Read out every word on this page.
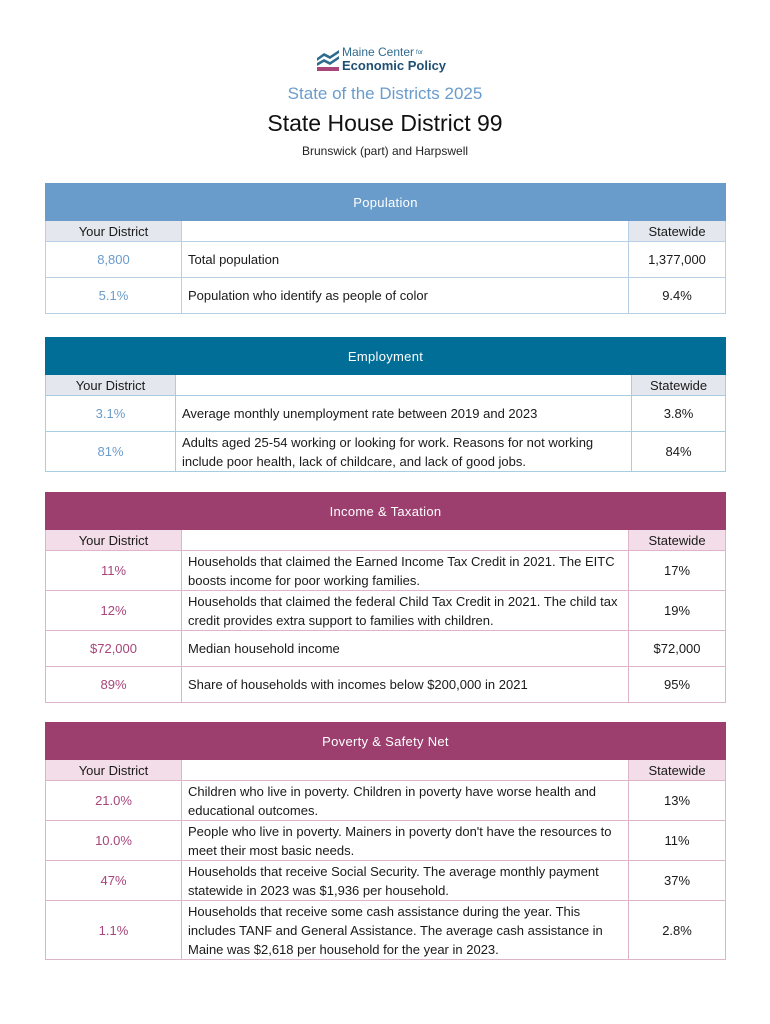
Maine Center for
Economic Policy
State of the Districts 2025
State House District 99
Brunswick (part) and Harpswell
Population		
Your District		Statewide
8,800	Total population	1,377,000
5.1%	Population who identify as people of color	9.4%
Employment		
Your District		Statewide
3.1%	Average monthly unemployment rate between 2019 and 2023	3.8%
81%	Adults aged 25-54 working or looking for work. Reasons for not working include poor health, lack of childcare, and lack of good jobs.	84%
Income & Taxation		
Your District		Statewide
11%	Households that claimed the Earned Income Tax Credit in 2021. The EITC boosts income for poor working families.	17%
12%	Households that claimed the federal Child Tax Credit in 2021. The child tax credit provides extra support to families with children.	19%
$72,000	Median household income	$72,000
89%	Share of households with incomes below $200,000 in 2021	95%
Poverty & Safety Net		
Your District		Statewide
21.0%	Children who live in poverty. Children in poverty have worse health and educational outcomes.	13%
10.0%	People who live in poverty. Mainers in poverty don't have the resources to meet their most basic needs.	11%
47%	Households that receive Social Security. The average monthly payment statewide in 2023 was $1,936 per household.	37%
1.1%	Households that receive some cash assistance during the year. This includes TANF and General Assistance. The average cash assistance in Maine was $2,618 per household for the year in 2023.	2.8%
